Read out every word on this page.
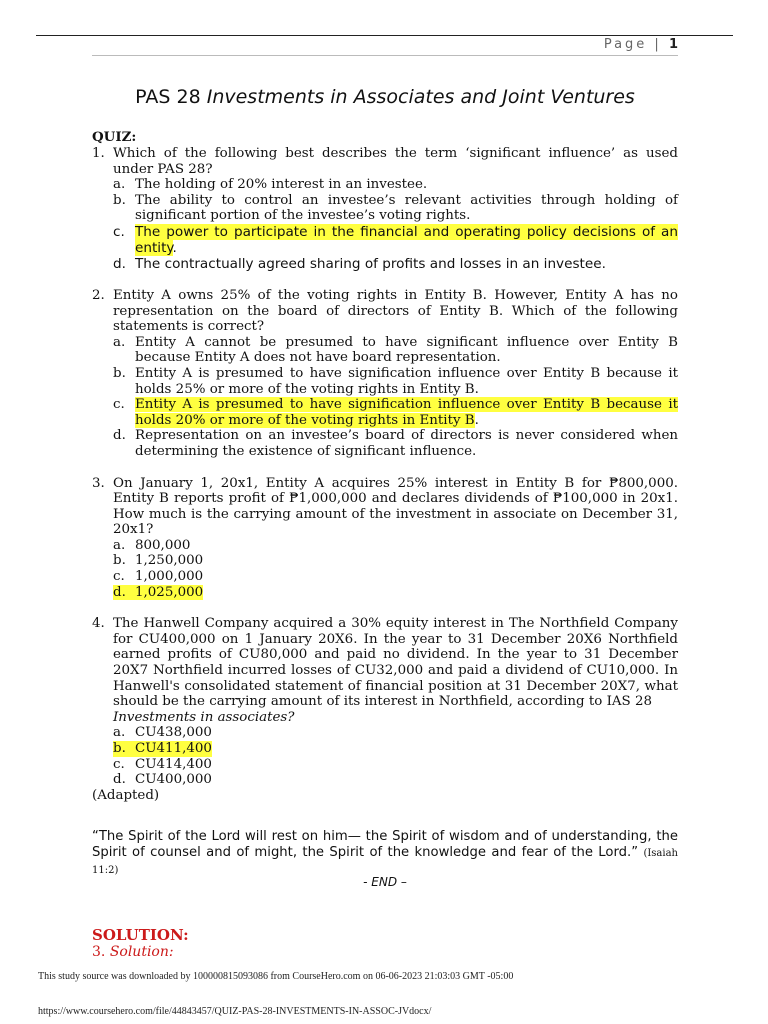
Page | 1
PAS 28 Investments in Associates and Joint Ventures
QUIZ:
1. Which of the following best describes the term ‘significant influence’ as used under PAS 28?
a. The holding of 20% interest in an investee.
b. The ability to control an investee’s relevant activities through holding of significant portion of the investee’s voting rights.
c. The power to participate in the financial and operating policy decisions of an entity.
d. The contractually agreed sharing of profits and losses in an investee.
2. Entity A owns 25% of the voting rights in Entity B. However, Entity A has no representation on the board of directors of Entity B. Which of the following statements is correct?
a. Entity A cannot be presumed to have significant influence over Entity B because Entity A does not have board representation.
b. Entity A is presumed to have signification influence over Entity B because it holds 25% or more of the voting rights in Entity B.
c. Entity A is presumed to have signification influence over Entity B because it holds 20% or more of the voting rights in Entity B.
d. Representation on an investee’s board of directors is never considered when determining the existence of significant influence.
3. On January 1, 20x1, Entity A acquires 25% interest in Entity B for ₱800,000. Entity B reports profit of ₱1,000,000 and declares dividends of ₱100,000 in 20x1. How much is the carrying amount of the investment in associate on December 31, 20x1?
a. 800,000
b. 1,250,000
c. 1,000,000
d. 1,025,000
4. The Hanwell Company acquired a 30% equity interest in The Northfield Company for CU400,000 on 1 January 20X6. In the year to 31 December 20X6 Northfield earned profits of CU80,000 and paid no dividend. In the year to 31 December 20X7 Northfield incurred losses of CU32,000 and paid a dividend of CU10,000. In Hanwell's consolidated statement of financial position at 31 December 20X7, what should be the carrying amount of its interest in Northfield, according to IAS 28
Investments in associates?
a. CU438,000
b. CU411,400
c. CU414,400
d. CU400,000
(Adapted)
“The Spirit of the Lord will rest on him— the Spirit of wisdom and of understanding, the Spirit of counsel and of might, the Spirit of the knowledge and fear of the Lord.” (Isaiah 11:2)
- END –
SOLUTION:
3. Solution:
This study source was downloaded by 100000815093086 from CourseHero.com on 06-06-2023 21:03:03 GMT -05:00
https://www.coursehero.com/file/44843457/QUIZ-PAS-28-INVESTMENTS-IN-ASSOC-JVdocx/
